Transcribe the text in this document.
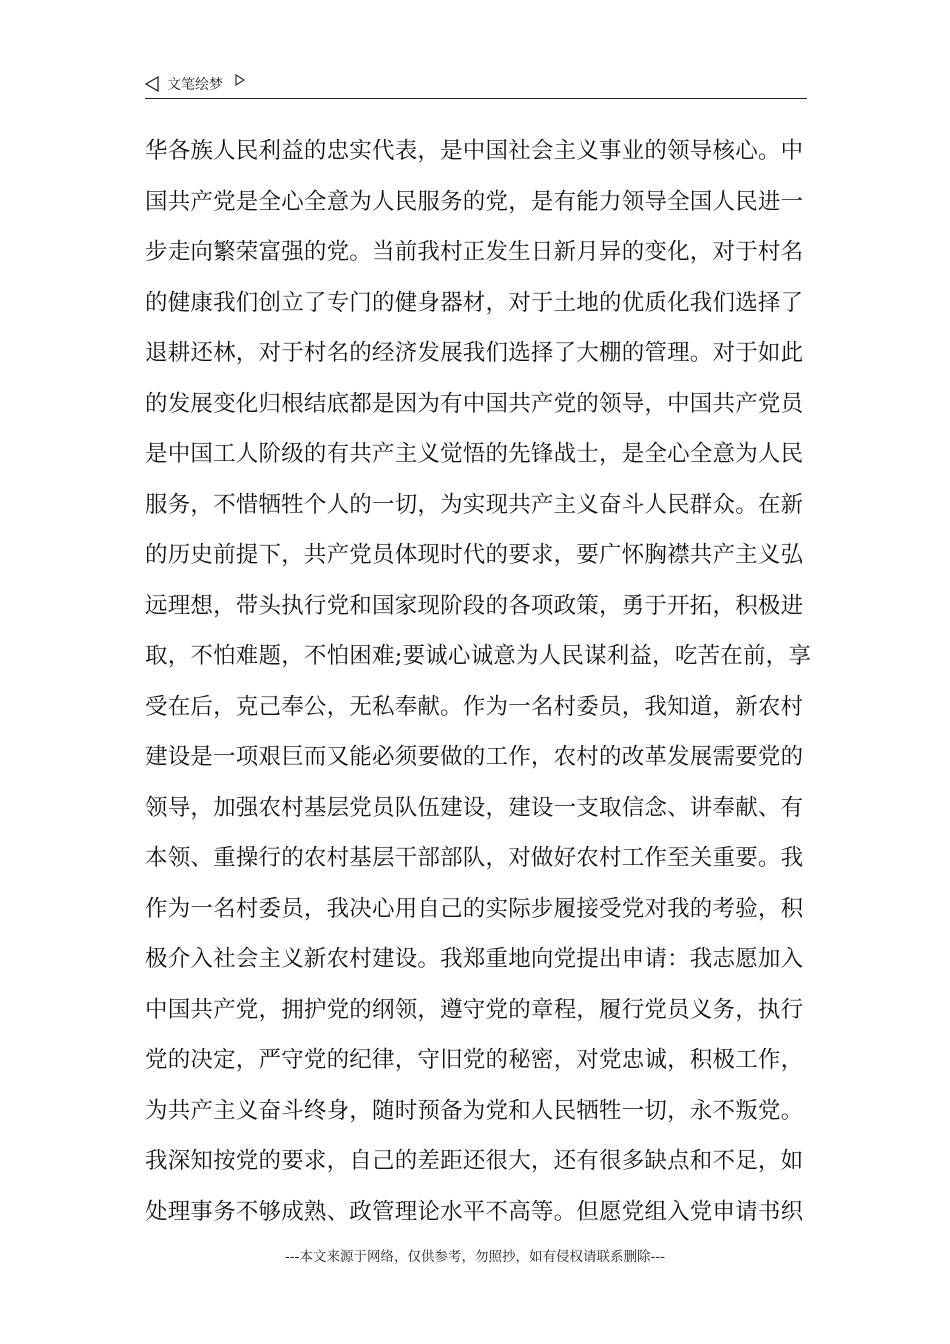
文笔绘梦
华各族人民利益的忠实代表，是中国社会主义事业的领导核心。中
国共产党是全心全意为人民服务的党，是有能力领导全国人民进一
步走向繁荣富强的党。当前我村正发生日新月异的变化，对于村名
的健康我们创立了专门的健身器材，对于土地的优质化我们选择了
退耕还林，对于村名的经济发展我们选择了大棚的管理。对于如此
的发展变化归根结底都是因为有中国共产党的领导，中国共产党员
是中国工人阶级的有共产主义觉悟的先锋战士，是全心全意为人民
服务，不惜牺牲个人的一切，为实现共产主义奋斗人民群众。在新
的历史前提下，共产党员体现时代的要求，要广怀胸襟共产主义弘
远理想，带头执行党和国家现阶段的各项政策，勇于开拓，积极进
取，不怕难题，不怕困难;要诚心诚意为人民谋利益，吃苦在前，享
受在后，克己奉公，无私奉献。作为一名村委员，我知道，新农村
建设是一项艰巨而又能必须要做的工作，农村的改革发展需要党的
领导，加强农村基层党员队伍建设，建设一支取信念、讲奉献、有
本领、重操行的农村基层干部部队，对做好农村工作至关重要。我
作为一名村委员，我决心用自己的实际步履接受党对我的考验，积
极介入社会主义新农村建设。我郑重地向党提出申请：我志愿加入
中国共产党，拥护党的纲领，遵守党的章程，履行党员义务，执行
党的决定，严守党的纪律，守旧党的秘密，对党忠诚，积极工作，
为共产主义奋斗终身，随时预备为党和人民牺牲一切，永不叛党。
我深知按党的要求，自己的差距还很大，还有很多缺点和不足，如
处理事务不够成熟、政管理论水平不高等。但愿党组入党申请书织
---本文来源于网络，仅供参考，勿照抄，如有侵权请联系删除---
